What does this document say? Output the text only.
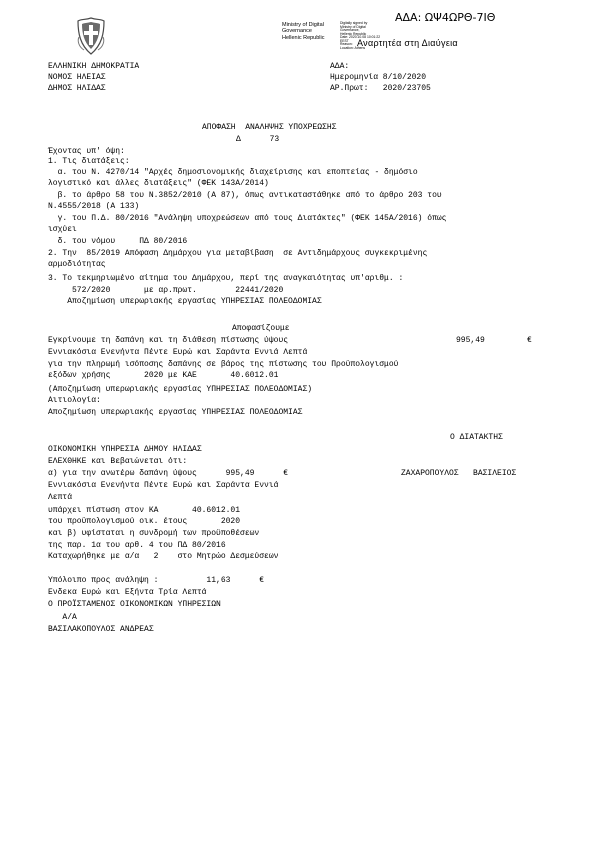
ΑΔΑ: ΩΨ4ΩΡΘ-7ΙΘ
Ministry of Digital
Governance
Hellenic Republic
Digitally signed by
Ministry of Digital
Governance,
Hellenic Republic
Date: 2020.10.08 10:01:22
EEST
Reason:
Location: Athens
Αναρτητέα στη Διαύγεια
ΕΛΛΗΝΙΚΗ ΔΗΜΟΚΡΑΤΙΑ
ΝΟΜΟΣ ΗΛΕΙΑΣ
ΔΗΜΟΣ ΗΛΙΔΑΣ
ΑΔΑ:
Ημερομηνία 8/10/2020
ΑΡ.Πρωτ:   2020/23705
ΑΠΟΦΑΣΗ  ΑΝΑΛΗΨΗΣ ΥΠΟΧΡΕΩΣΗΣ
Δ      73
Έχοντας υπ' όψη:
1. Τις διατάξεις:
α. του Ν. 4270/14 "Αρχές δημοσιονομικής διαχείρισης και εποπτείας - δημόσιο
λογιστικό και άλλες διατάξεις" (ΦΕΚ 143Α/2014)
β. το άρθρο 58 του Ν.3852/2010 (Α 87), όπως αντικαταστάθηκε από το άρθρο 203 του
Ν.4555/2018 (Α 133)
γ. του Π.Δ. 80/2016 "Ανάληψη υποχρεώσεων από τους Διατάκτες" (ΦΕΚ 145Α/2016) όπως
ισχύει
δ. του νόμου     ΠΔ 80/2016
2. Την  85/2019 Απόφαση Δημάρχου για μεταβίβαση  σε Αντιδημάρχους συγκεκριμένης
αρμοδιότητας
3. Το τεκμηριωμένο αίτημα του Δημάρχου, περί της αναγκαιότητας υπ'αριθμ. :
572/2020       με αρ.πρωτ.        22441/2020
Αποζημίωση υπερωριακής εργασίας ΥΠΗΡΕΣΙΑΣ ΠΟΛΕΟΔΟΜΙΑΣ
Αποφασίζουμε
Εγκρίνουμε τη δαπάνη και τη διάθεση πίστωσης ύψους	995,49	€
Εννιακόσια Ενενήντα Πέντε Ευρώ και Σαράντα Εννιά Λεπτά
για την πληρωμή ισόποσης δαπάνης σε βάρος της πίστωσης του Προϋπολογισμού
εξόδων χρήσης       2020 με ΚΑΕ       40.6012.01
(Αποζημίωση υπερωριακής εργασίας ΥΠΗΡΕΣΙΑΣ ΠΟΛΕΟΔΟΜΙΑΣ)
Αιτιολογία:
Αποζημίωση υπερωριακής εργασίας ΥΠΗΡΕΣΙΑΣ ΠΟΛΕΟΔΟΜΙΑΣ
Ο ΔΙΑΤΑΚΤΗΣ
ΟΙΚΟΝΟΜΙΚΗ ΥΠΗΡΕΣΙΑ ΔΗΜΟΥ ΗΛΙΔΑΣ
ΕΛΕΧΘΗΚΕ και Βεβαιώνεται ότι:
α) για την ανωτέρω δαπάνη ύψους      995,49      €	ΖΑΧΑΡΟΠΟΥΛΟΣ   ΒΑΣΙΛΕΙΟΣ
Εννιακόσια Ενενήντα Πέντε Ευρώ και Σαράντα Εννιά
Λεπτά
υπάρχει πίστωση στον ΚΑ       40.6012.01
του προϋπολογισμού οικ. έτους       2020
και β) υφίσταται η συνδρομή των προϋποθέσεων
της παρ. 1α του αρθ. 4 του ΠΔ 80/2016
Καταχωρήθηκε με α/α   2    στο Μητρώο Δεσμεύσεων
Υπόλοιπο προς ανάληψη :          11,63      €
Ενδεκα Ευρώ και Εξήντα Τρία Λεπτά
Ο ΠΡΟΪΣΤΑΜΕΝΟΣ ΟΙΚΟΝΟΜΙΚΩΝ ΥΠΗΡΕΣΙΩΝ
Α/Α
ΒΑΣΙΛΑΚΟΠΟΥΛΟΣ ΑΝΔΡΕΑΣ
